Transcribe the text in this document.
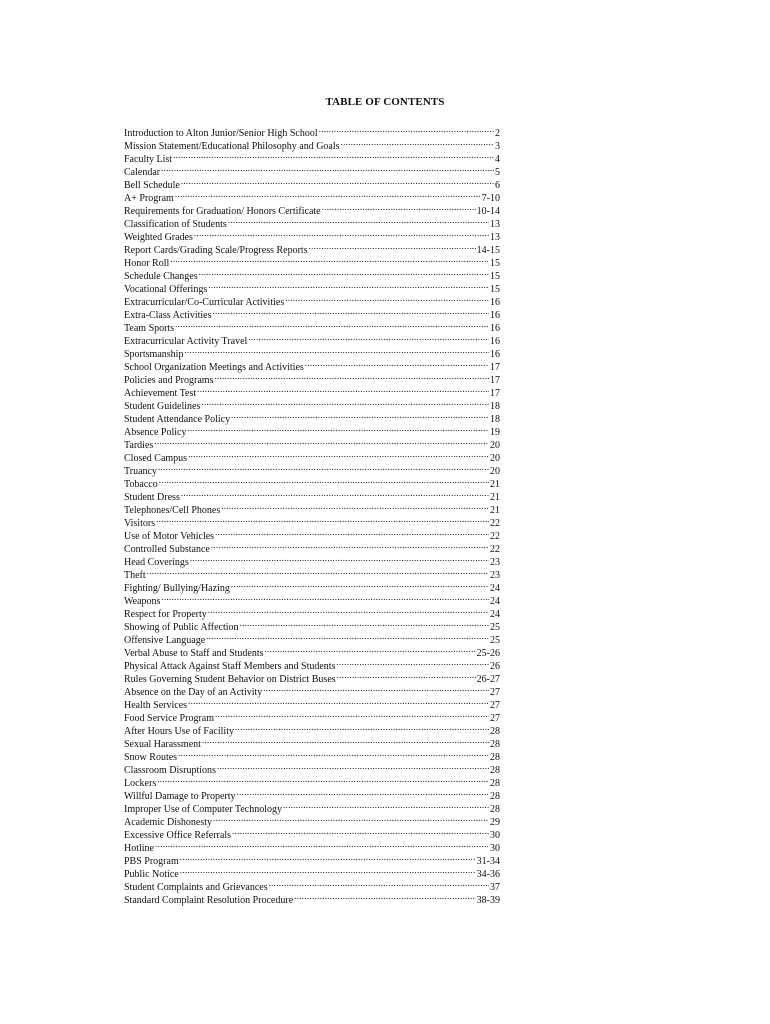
TABLE OF CONTENTS
Introduction to Alton Junior/Senior High School .....	2
Mission Statement/Educational Philosophy and Goals .....	3
Faculty List .....	4
Calendar .....	5
Bell Schedule .....	6
A+ Program .....	7-10
Requirements for Graduation/ Honors Certificate .....	10-14
Classification of Students .....	13
Weighted Grades .....	13
Report Cards/Grading Scale/Progress Reports .....	14-15
Honor Roll .....	15
Schedule Changes .....	15
Vocational Offerings .....	15
Extracurricular/Co-Curricular Activities .....	16
Extra-Class Activities .....	16
Team Sports .....	16
Extracurricular Activity Travel .....	16
Sportsmanship .....	16
School Organization Meetings and Activities .....	17
Policies and Programs .....	17
Achievement Test .....	17
Student Guidelines .....	18
Student Attendance Policy .....	18
Absence Policy .....	19
Tardies .....	20
Closed Campus .....	20
Truancy .....	20
Tobacco .....	21
Student Dress .....	21
Telephones/Cell Phones .....	21
Visitors .....	22
Use of Motor Vehicles .....	22
Controlled Substance .....	22
Head Coverings .....	23
Theft .....	23
Fighting/ Bullying/Hazing .....	24
Weapons .....	24
Respect for Property .....	24
Showing of Public Affection .....	25
Offensive Language .....	25
Verbal Abuse to Staff and Students .....	25-26
Physical Attack Against Staff Members and Students .....	26
Rules Governing Student Behavior on District Buses .....	26-27
Absence on the Day of an Activity .....	27
Health Services .....	27
Food Service Program .....	27
After Hours Use of Facility .....	28
Sexual Harassment .....	28
Snow Routes .....	28
Classroom Disruptions .....	28
Lockers .....	28
Willful Damage to Property .....	28
Improper Use of Computer Technology .....	28
Academic Dishonesty .....	29
Excessive Office Referrals .....	30
Hotline .....	30
PBS Program .....	31-34
Public Notice .....	34-36
Student Complaints and Grievances .....	37
Standard Complaint Resolution Procedure .....	38-39
